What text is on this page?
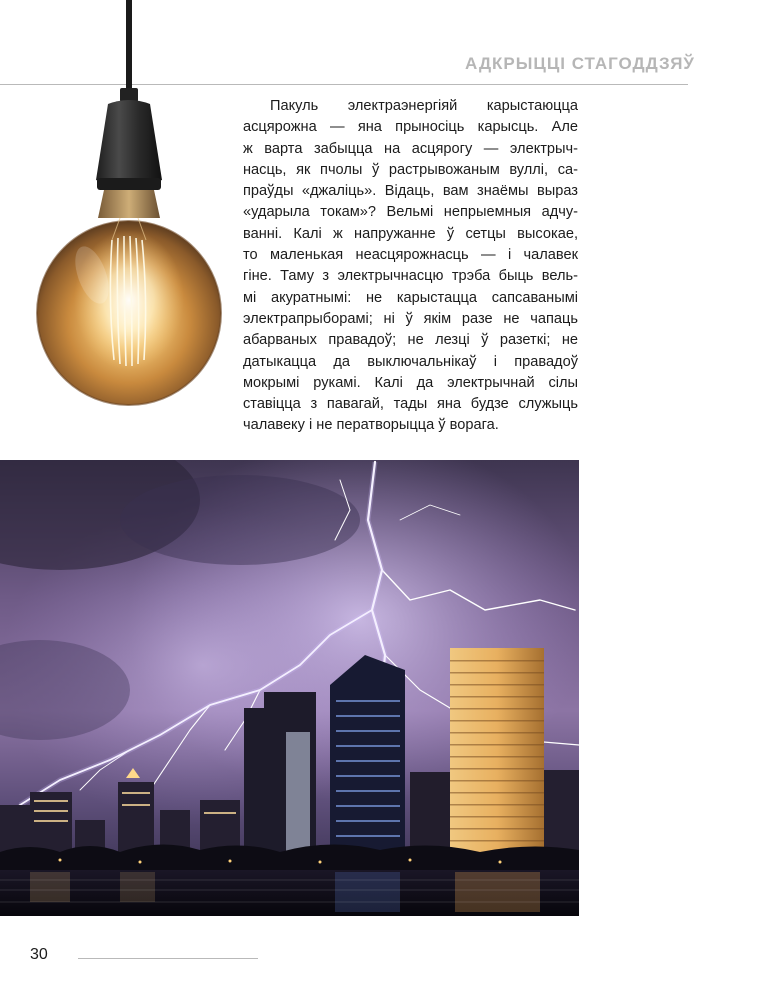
АДКРЫЦЦІ СТАГОДДЗЯЎ
Пакуль электраэнергіяй карыстаюцца
асцярожна — яна прыносіць карысць. Але
ж варта забыцца на асцярогу — электрыч-
насць, як пчолы ў растрывожаным вуллі, са-
праўды «джаліць». Відаць, вам знаёмы выраз
«ударыла токам»? Вельмі непрыемныя адчу-
ванні. Калі ж напружанне ў сетцы высокае,
то маленькая неасцярожнасць — і чалавек
гіне. Таму з электрычнасцю трэба быць вель-
мі акуратнымі: не карыстацца сапсаванымі
электрапрыборамі; ні ў якім разе не чапаць
абарваных правадоў; не лезці ў разеткі; не
датыкацца да выключальнікаў і правадоў
мокрымі рукамі. Калі да электрычнай сілы
ставіцца з павагай, тады яна будзе служыць
чалавеку і не ператворыцца ў ворага.
30
